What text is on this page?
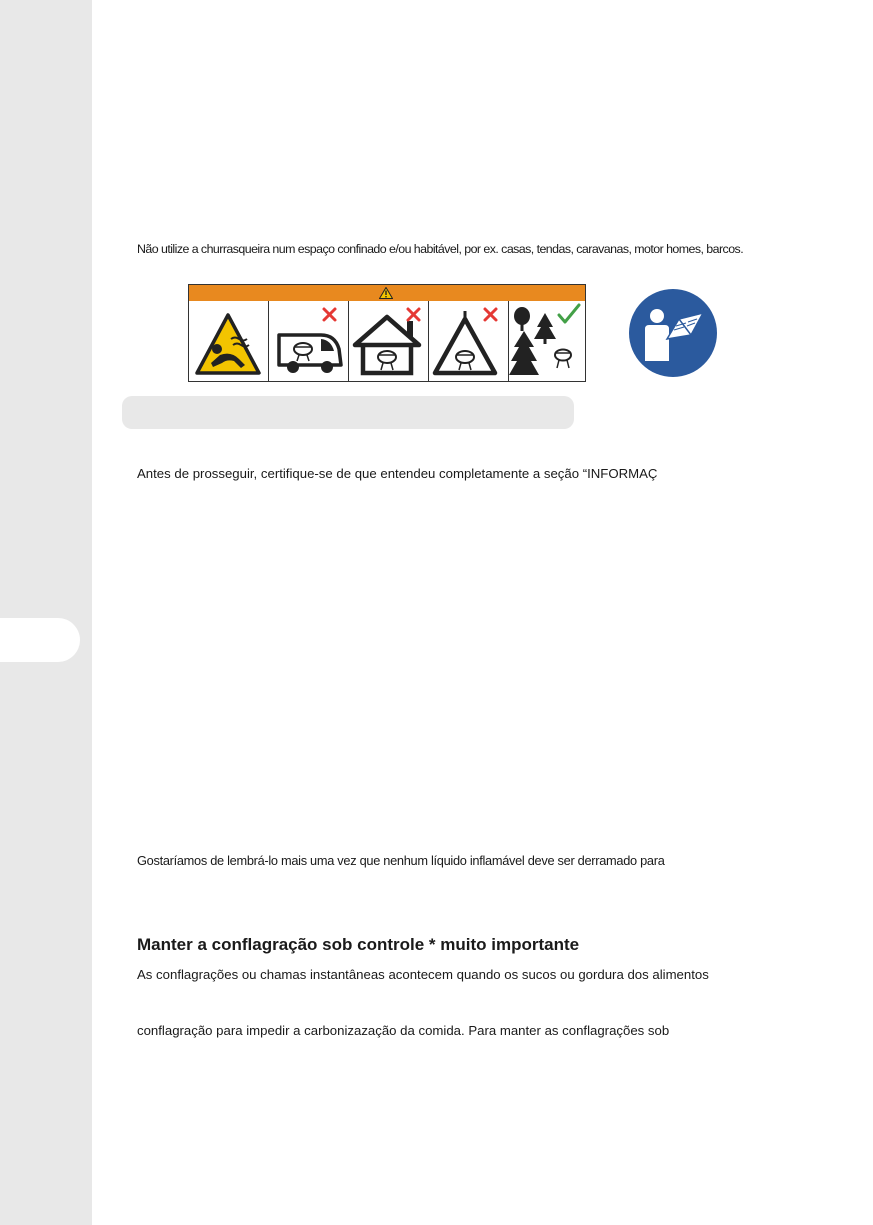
Não utilize a churrasqueira num espaço confinado e/ou habitável, por ex. casas, tendas, caravanas, motor homes, barcos.
Antes de prosseguir, certifique-se de que entendeu completamente a seção “INFORMAÇ
Gostaríamos de lembrá-lo mais uma vez que nenhum líquido inflamável deve ser derramado para
Manter a conflagração sob controle * muito importante
As conflagrações ou chamas instantâneas acontecem quando os sucos ou gordura dos alimentos
conflagração para impedir a carbonizazação da comida. Para manter as conflagrações sob
